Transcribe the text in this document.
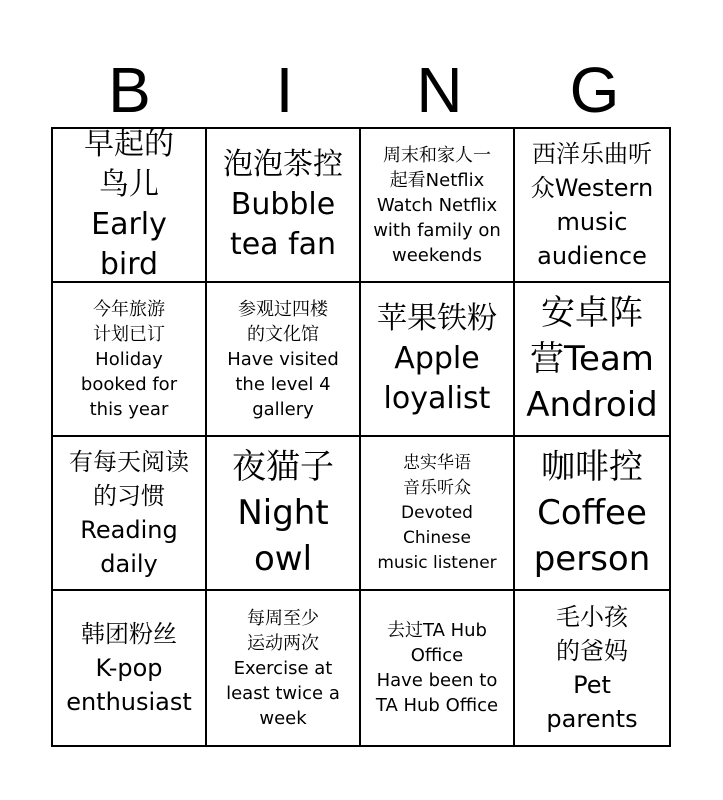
B	I	N	G
早起的
鸟儿
Early bird
泡泡茶控
Bubble
tea fan
周末和家人一
起看Netflix
Watch Netflix
with family on
weekends
西洋乐曲听
众Western
music
audience
今年旅游
计划已订
Holiday
booked for
this year
参观过四楼
的文化馆
Have visited
the level 4
gallery
苹果铁粉
Apple
loyalist
安卓阵
营Team
Android
有每天阅读
的习惯
Reading
daily
夜猫子
Night
owl
忠实华语
音乐听众
Devoted
Chinese
music listener
咖啡控
Coffee
person
韩团粉丝
K-pop
enthusiast
每周至少
运动两次
Exercise at
least twice a
week
去过TA Hub
Office
Have been to
TA Hub Office
毛小孩
的爸妈
Pet
parents
